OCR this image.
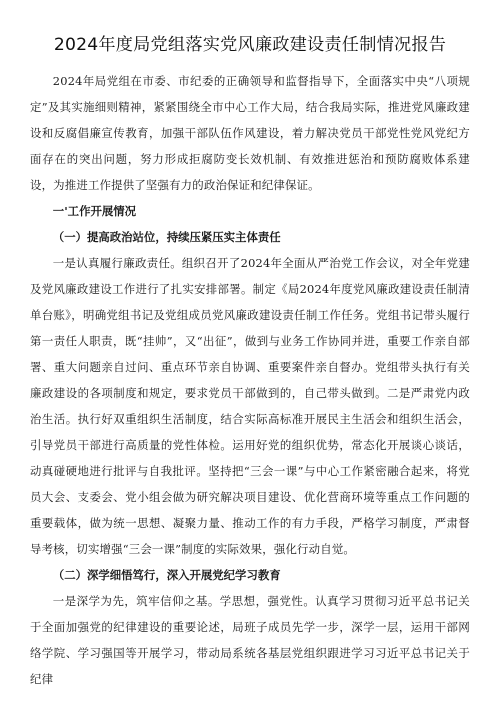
2024年度局党组落实党风廉政建设责任制情况报告

2024年局党组在市委、市纪委的正确领导和监督指导下，全面落实中央“八项规定”及其实施细则精神，紧紧围绕全市中心工作大局，结合我局实际，推进党风廉政建设和反腐倡廉宣传教育，加强干部队伍作风建设，着力解决党员干部党性党风党纪方面存在的突出问题，努力形成拒腐防变长效机制、有效推进惩治和预防腐败体系建设，为推进工作提供了坚强有力的政治保证和纪律保证。

一'工作开展情况

（一）提高政治站位，持续压紧压实主体责任

一是认真履行廉政责任。组织召开了2024年全面从严治党工作会议，对全年党建及党风廉政建设工作进行了扎实安排部署。制定《局2024年度党风廉政建设责任制清单台账》，明确党组书记及党组成员党风廉政建设责任制工作任务。党组书记带头履行第一责任人职责，既“挂帅”，又“出征”，做到与业务工作协同并进，重要工作亲自部署、重大问题亲自过问、重点环节亲自协调、重要案件亲自督办。党组带头执行有关廉政建设的各项制度和规定，要求党员干部做到的，自己带头做到。二是严肃党内政治生活。执行好双重组织生活制度，结合实际高标准开展民主生活会和组织生活会，引导党员干部进行高质量的党性体检。运用好党的组织优势，常态化开展谈心谈话，动真碰硬地进行批评与自我批评。坚持把“三会一课”与中心工作紧密融合起来，将党员大会、支委会、党小组会做为研究解决项目建设、优化营商环境等重点工作问题的重要载体，做为统一思想、凝聚力量、推动工作的有力手段，严格学习制度，严肃督导考核，切实增强“三会一课”制度的实际效果，强化行动自觉。

（二）深学细悟笃行，深入开展党纪学习教育

一是深学为先，筑牢信仰之基。学思想，强党性。认真学习贯彻习近平总书记关于全面加强党的纪律建设的重要论述，局班子成员先学一步，深学一层，运用干部网络学院、学习强国等开展学习，带动局系统各基层党组织跟进学习习近平总书记关于纪律
